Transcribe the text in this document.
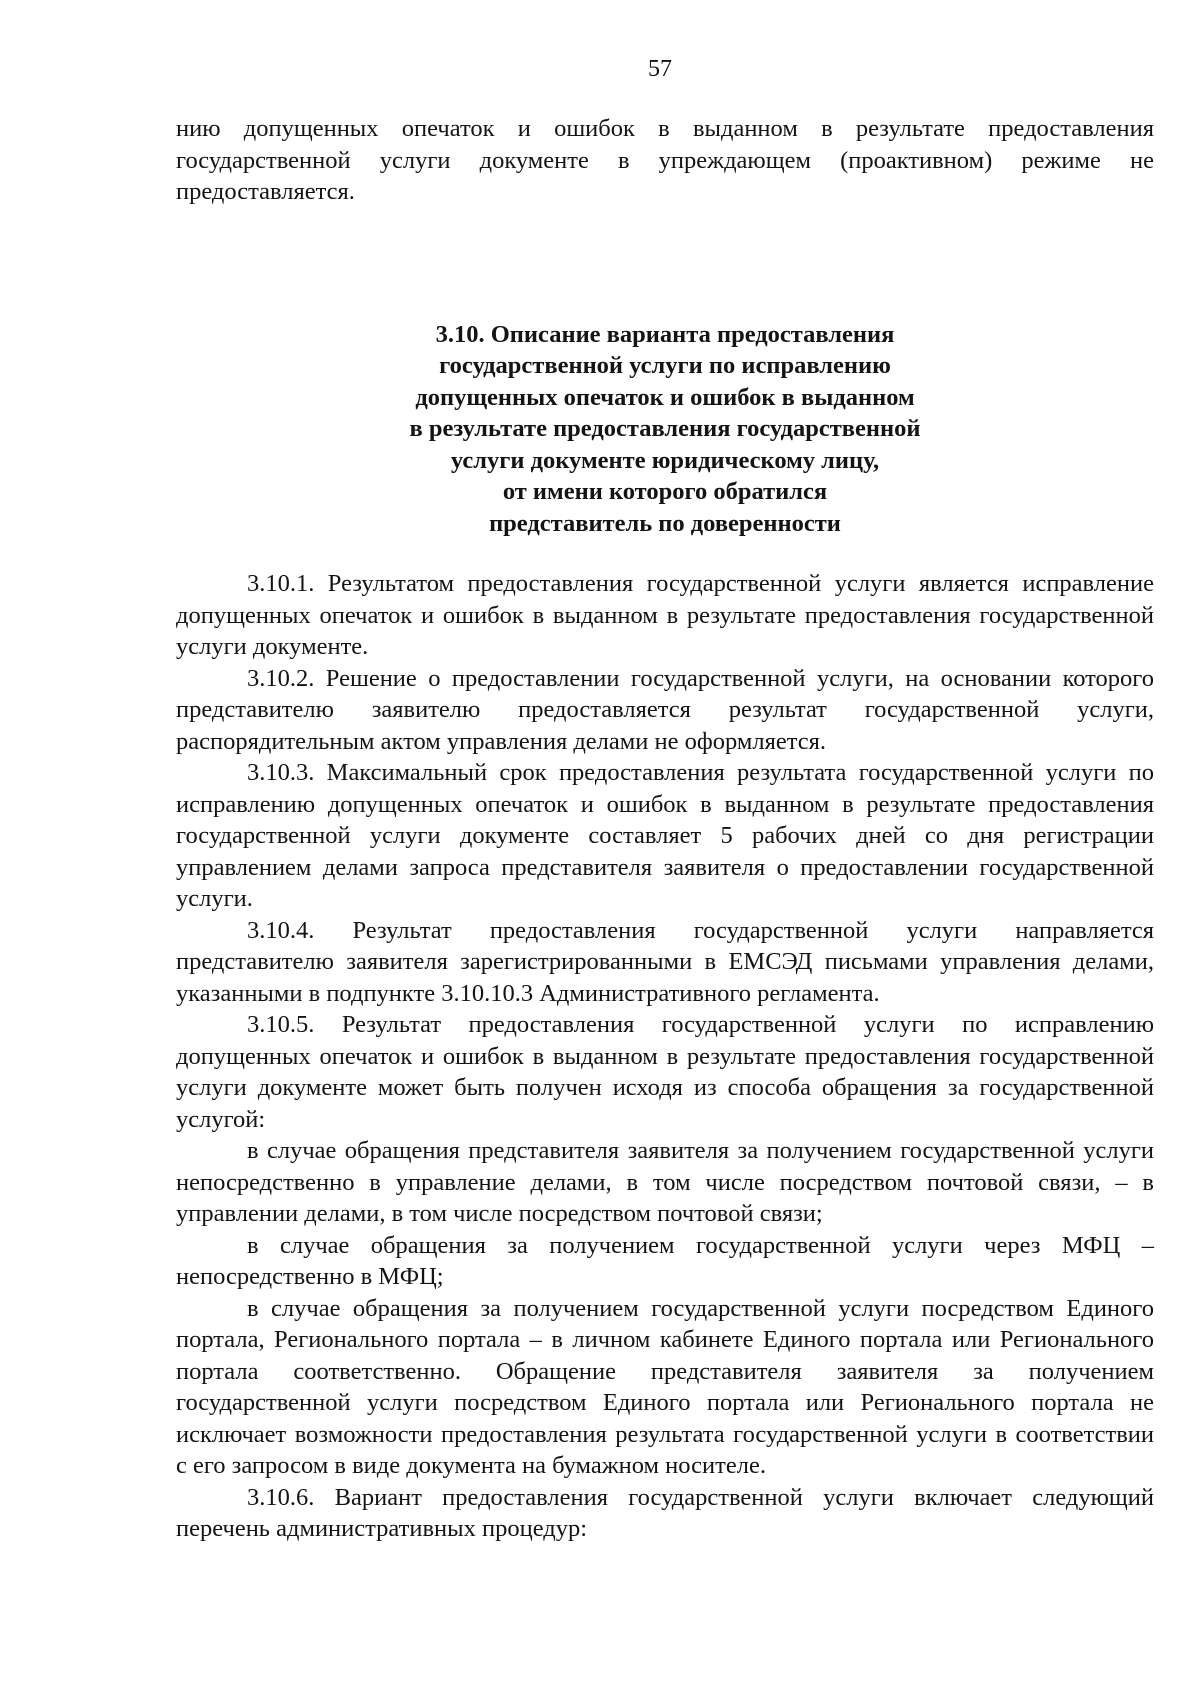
57

нию допущенных опечаток и ошибок в выданном в результате предоставления государственной услуги документе в упреждающем (проактивном) режиме не предоставляется.

3.10. Описание варианта предоставления
государственной услуги по исправлению
допущенных опечаток и ошибок в выданном
в результате предоставления государственной
услуги документе юридическому лицу,
от имени которого обратился
представитель по доверенности

3.10.1. Результатом предоставления государственной услуги является исправление допущенных опечаток и ошибок в выданном в результате предоставления государственной услуги документе.

3.10.2. Решение о предоставлении государственной услуги, на основании которого представителю заявителю предоставляется результат государственной услуги, распорядительным актом управления делами не оформляется.

3.10.3. Максимальный срок предоставления результата государственной услуги по исправлению допущенных опечаток и ошибок в выданном в результате предоставления государственной услуги документе составляет 5 рабочих дней со дня регистрации управлением делами запроса представителя заявителя о предоставлении государственной услуги.

3.10.4. Результат предоставления государственной услуги направляется представителю заявителя зарегистрированными в ЕМСЭД письмами управления делами, указанными в подпункте 3.10.10.3 Административного регламента.

3.10.5. Результат предоставления государственной услуги по исправлению допущенных опечаток и ошибок в выданном в результате предоставления государственной услуги документе может быть получен исходя из способа обращения за государственной услугой:

в случае обращения представителя заявителя за получением государственной услуги непосредственно в управление делами, в том числе посредством почтовой связи, – в управлении делами, в том числе посредством почтовой связи;

в случае обращения за получением государственной услуги через МФЦ – непосредственно в МФЦ;

в случае обращения за получением государственной услуги посредством Единого портала, Регионального портала – в личном кабинете Единого портала или Регионального портала соответственно. Обращение представителя заявителя за получением государственной услуги посредством Единого портала или Регионального портала не исключает возможности предоставления результата государственной услуги в соответствии с его запросом в виде документа на бумажном носителе.

3.10.6. Вариант предоставления государственной услуги включает следующий перечень административных процедур:
